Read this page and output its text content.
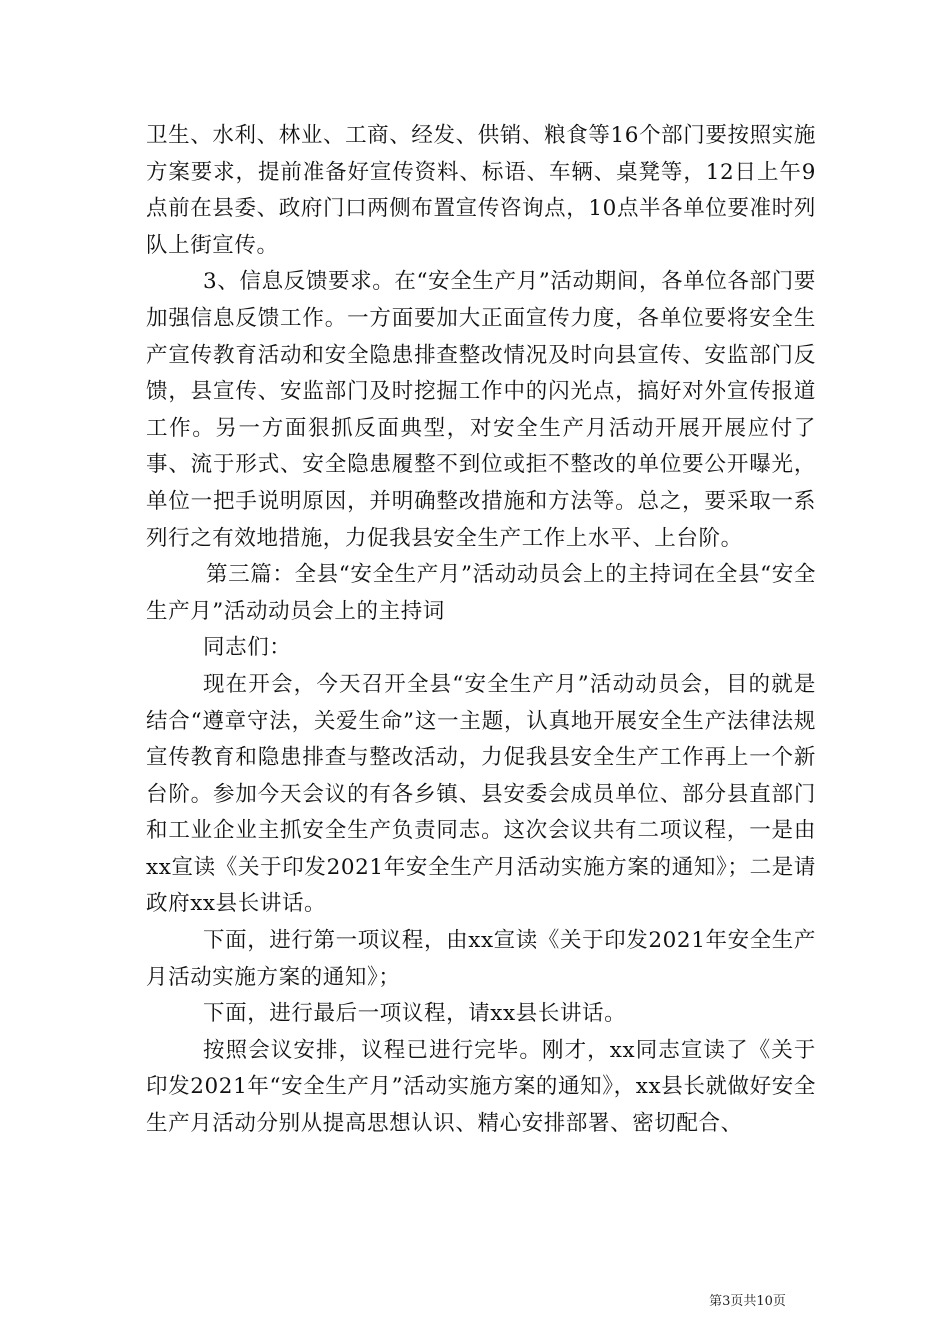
卫生、水利、林业、工商、经发、供销、粮食等16个部门要按照实施方案要求，提前准备好宣传资料、标语、车辆、桌凳等，12日上午9点前在县委、政府门口两侧布置宣传咨询点，10点半各单位要准时列队上街宣传。

3、信息反馈要求。在“安全生产月”活动期间，各单位各部门要加强信息反馈工作。一方面要加大正面宣传力度，各单位要将安全生产宣传教育活动和安全隐患排查整改情况及时向县宣传、安监部门反馈，县宣传、安监部门及时挖掘工作中的闪光点，搞好对外宣传报道工作。另一方面狠抓反面典型，对安全生产月活动开展开展应付了事、流于形式、安全隐患履整不到位或拒不整改的单位要公开曝光，单位一把手说明原因，并明确整改措施和方法等。总之，要采取一系列行之有效地措施，力促我县安全生产工作上水平、上台阶。

第三篇：全县“安全生产月”活动动员会上的主持词在全县“安全生产月”活动动员会上的主持词

同志们：

现在开会，今天召开全县“安全生产月”活动动员会，目的就是结合“遵章守法，关爱生命”这一主题，认真地开展安全生产法律法规宣传教育和隐患排查与整改活动，力促我县安全生产工作再上一个新台阶。参加今天会议的有各乡镇、县安委会成员单位、部分县直部门和工业企业主抓安全生产负责同志。这次会议共有二项议程，一是由xx宣读《关于印发2021年安全生产月活动实施方案的通知》；二是请政府xx县长讲话。

下面，进行第一项议程，由xx宣读《关于印发2021年安全生产月活动实施方案的通知》；

下面，进行最后一项议程，请xx县长讲话。

按照会议安排，议程已进行完毕。刚才，xx同志宣读了《关于印发2021年“安全生产月”活动实施方案的通知》，xx县长就做好安全生产月活动分别从提高思想认识、精心安排部署、密切配合、

第3页共10页
